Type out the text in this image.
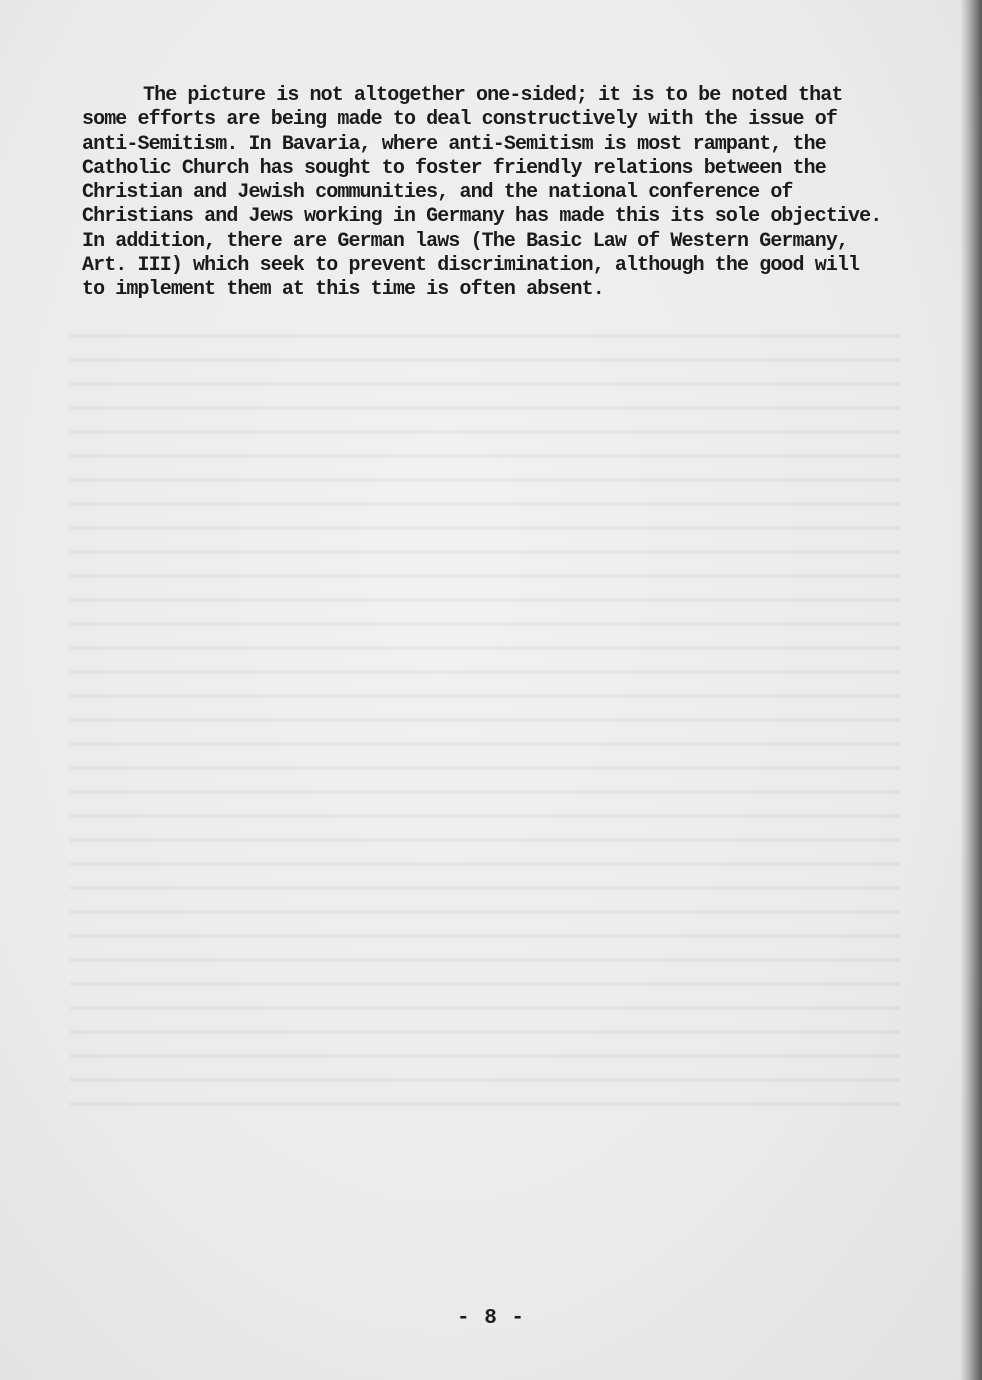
The picture is not altogether one-sided; it is to be noted that
some efforts are being made to deal constructively with the issue of
anti-Semitism. In Bavaria, where anti-Semitism is most rampant, the
Catholic Church has sought to foster friendly relations between the
Christian and Jewish communities, and the national conference of
Christians and Jews working in Germany has made this its sole objective.
In addition, there are German laws (The Basic Law of Western Germany,
Art. III) which seek to prevent discrimination, although the good will
to implement them at this time is often absent.
- 8 -
